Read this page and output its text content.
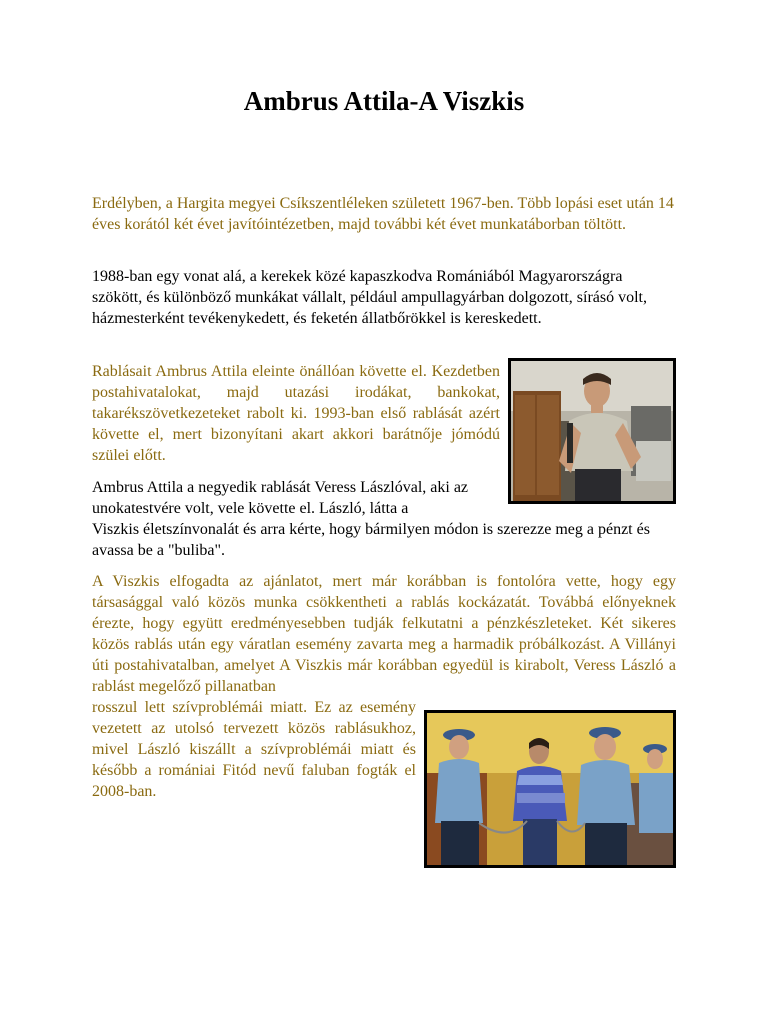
Ambrus Attila-A Viszkis

Erdélyben, a Hargita megyei Csíkszentléleken született 1967-ben. Több lopási eset után 14 éves korától két évet javítóintézetben, majd további két évet munkatáborban töltött.

1988-ban egy vonat alá, a kerekek közé kapaszkodva Romániából Magyarországra szökött, és különböző munkákat vállalt, például ampullagyárban dolgozott, sírásó volt, házmesterként tevékenykedett, és feketén állatbőrökkel is kereskedett.

Rablásait Ambrus Attila eleinte önállóan követte el. Kezdetben postahivatalokat, majd utazási irodákat, bankokat, takarékszövetkezeteket rabolt ki. 1993-ban első rablását azért követte el, mert bizonyítani akart akkori barátnője jómódú szülei előtt.

Ambrus Attila a negyedik rablását Veress Lászlóval, aki az unokatestvére volt, vele követte el. László, látta a

Viszkis életszínvonalát és arra kérte, hogy bármilyen módon is szerezze meg a pénzt és avassa be a "buliba".

A Viszkis elfogadta az ajánlatot, mert már korábban is fontolóra vette, hogy egy társasággal való közös munka csökkentheti a rablás kockázatát. Továbbá előnyeknek érezte, hogy együtt eredményesebben tudják felkutatni a pénzkészleteket. Két sikeres közös rablás után egy váratlan esemény zavarta meg a harmadik próbálkozást. A Villányi úti postahivatalban, amelyet A Viszkis már korábban egyedül is kirabolt, Veress László a rablást megelőző pillanatban

rosszul lett szívproblémái miatt. Ez az esemény vezetett az utolsó tervezett közös rablásukhoz, mivel László kiszállt a szívproblémái miatt és később a romániai Fitód nevű faluban fogták el 2008-ban.
